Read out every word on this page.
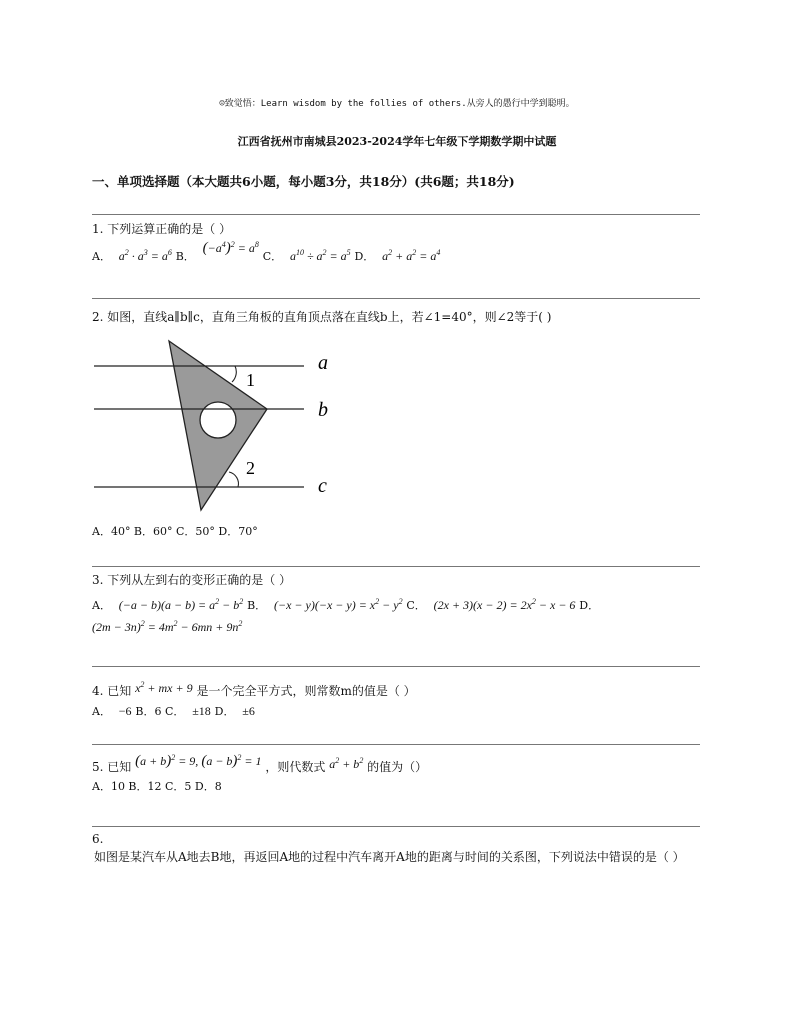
☺致觉悟：Learn wisdom by the follies of others.从旁人的愚行中学到聪明。
江西省抚州市南城县2023-2024学年七年级下学期数学期中试题
一、单项选择题（本大题共6小题，每小题3分，共18分）(共6题；共18分)
1. 下列运算正确的是（ ）
A． $a^2 \cdot a^3 = a^6$ B． $(-a^4)^2 = a^8$ C． $a^{10} \div a^2 = a^5$ D． $a^2 + a^2 = a^4$
2. 如图，直线a∥b∥c，直角三角板的直角顶点落在直线b上，若∠1=40°，则∠2等于( )
a
b
c
1
2
A．40° B．60° C．50° D．70°
3. 下列从左到右的变形正确的是（ ）
A． $(-a - b)(a - b) = a^2 - b^2$ B． $(-x - y)(-x - y) = x^2 - y^2$ C． $(2x + 3)(x - 2) = 2x^2 - x - 6$ D．
$(2m - 3n)^2 = 4m^2 - 6mn + 9n^2$
4. 已知 $x^2$ + mx + 9 是一个完全平方式，则常数m的值是（ ）
A． −6 B．6 C． ±18 D． ±6
5. 已知 $(a + b)^2 = 9$, $(a - b)^2 = 1$ ，则代数式 $a^2 + b^2$ 的值为（）
A．10 B．12 C．5 D．8
6.
如图是某汽车从A地去B地，再返回A地的过程中汽车离开A地的距离与时间的关系图，下列说法中错误的是（ ）
